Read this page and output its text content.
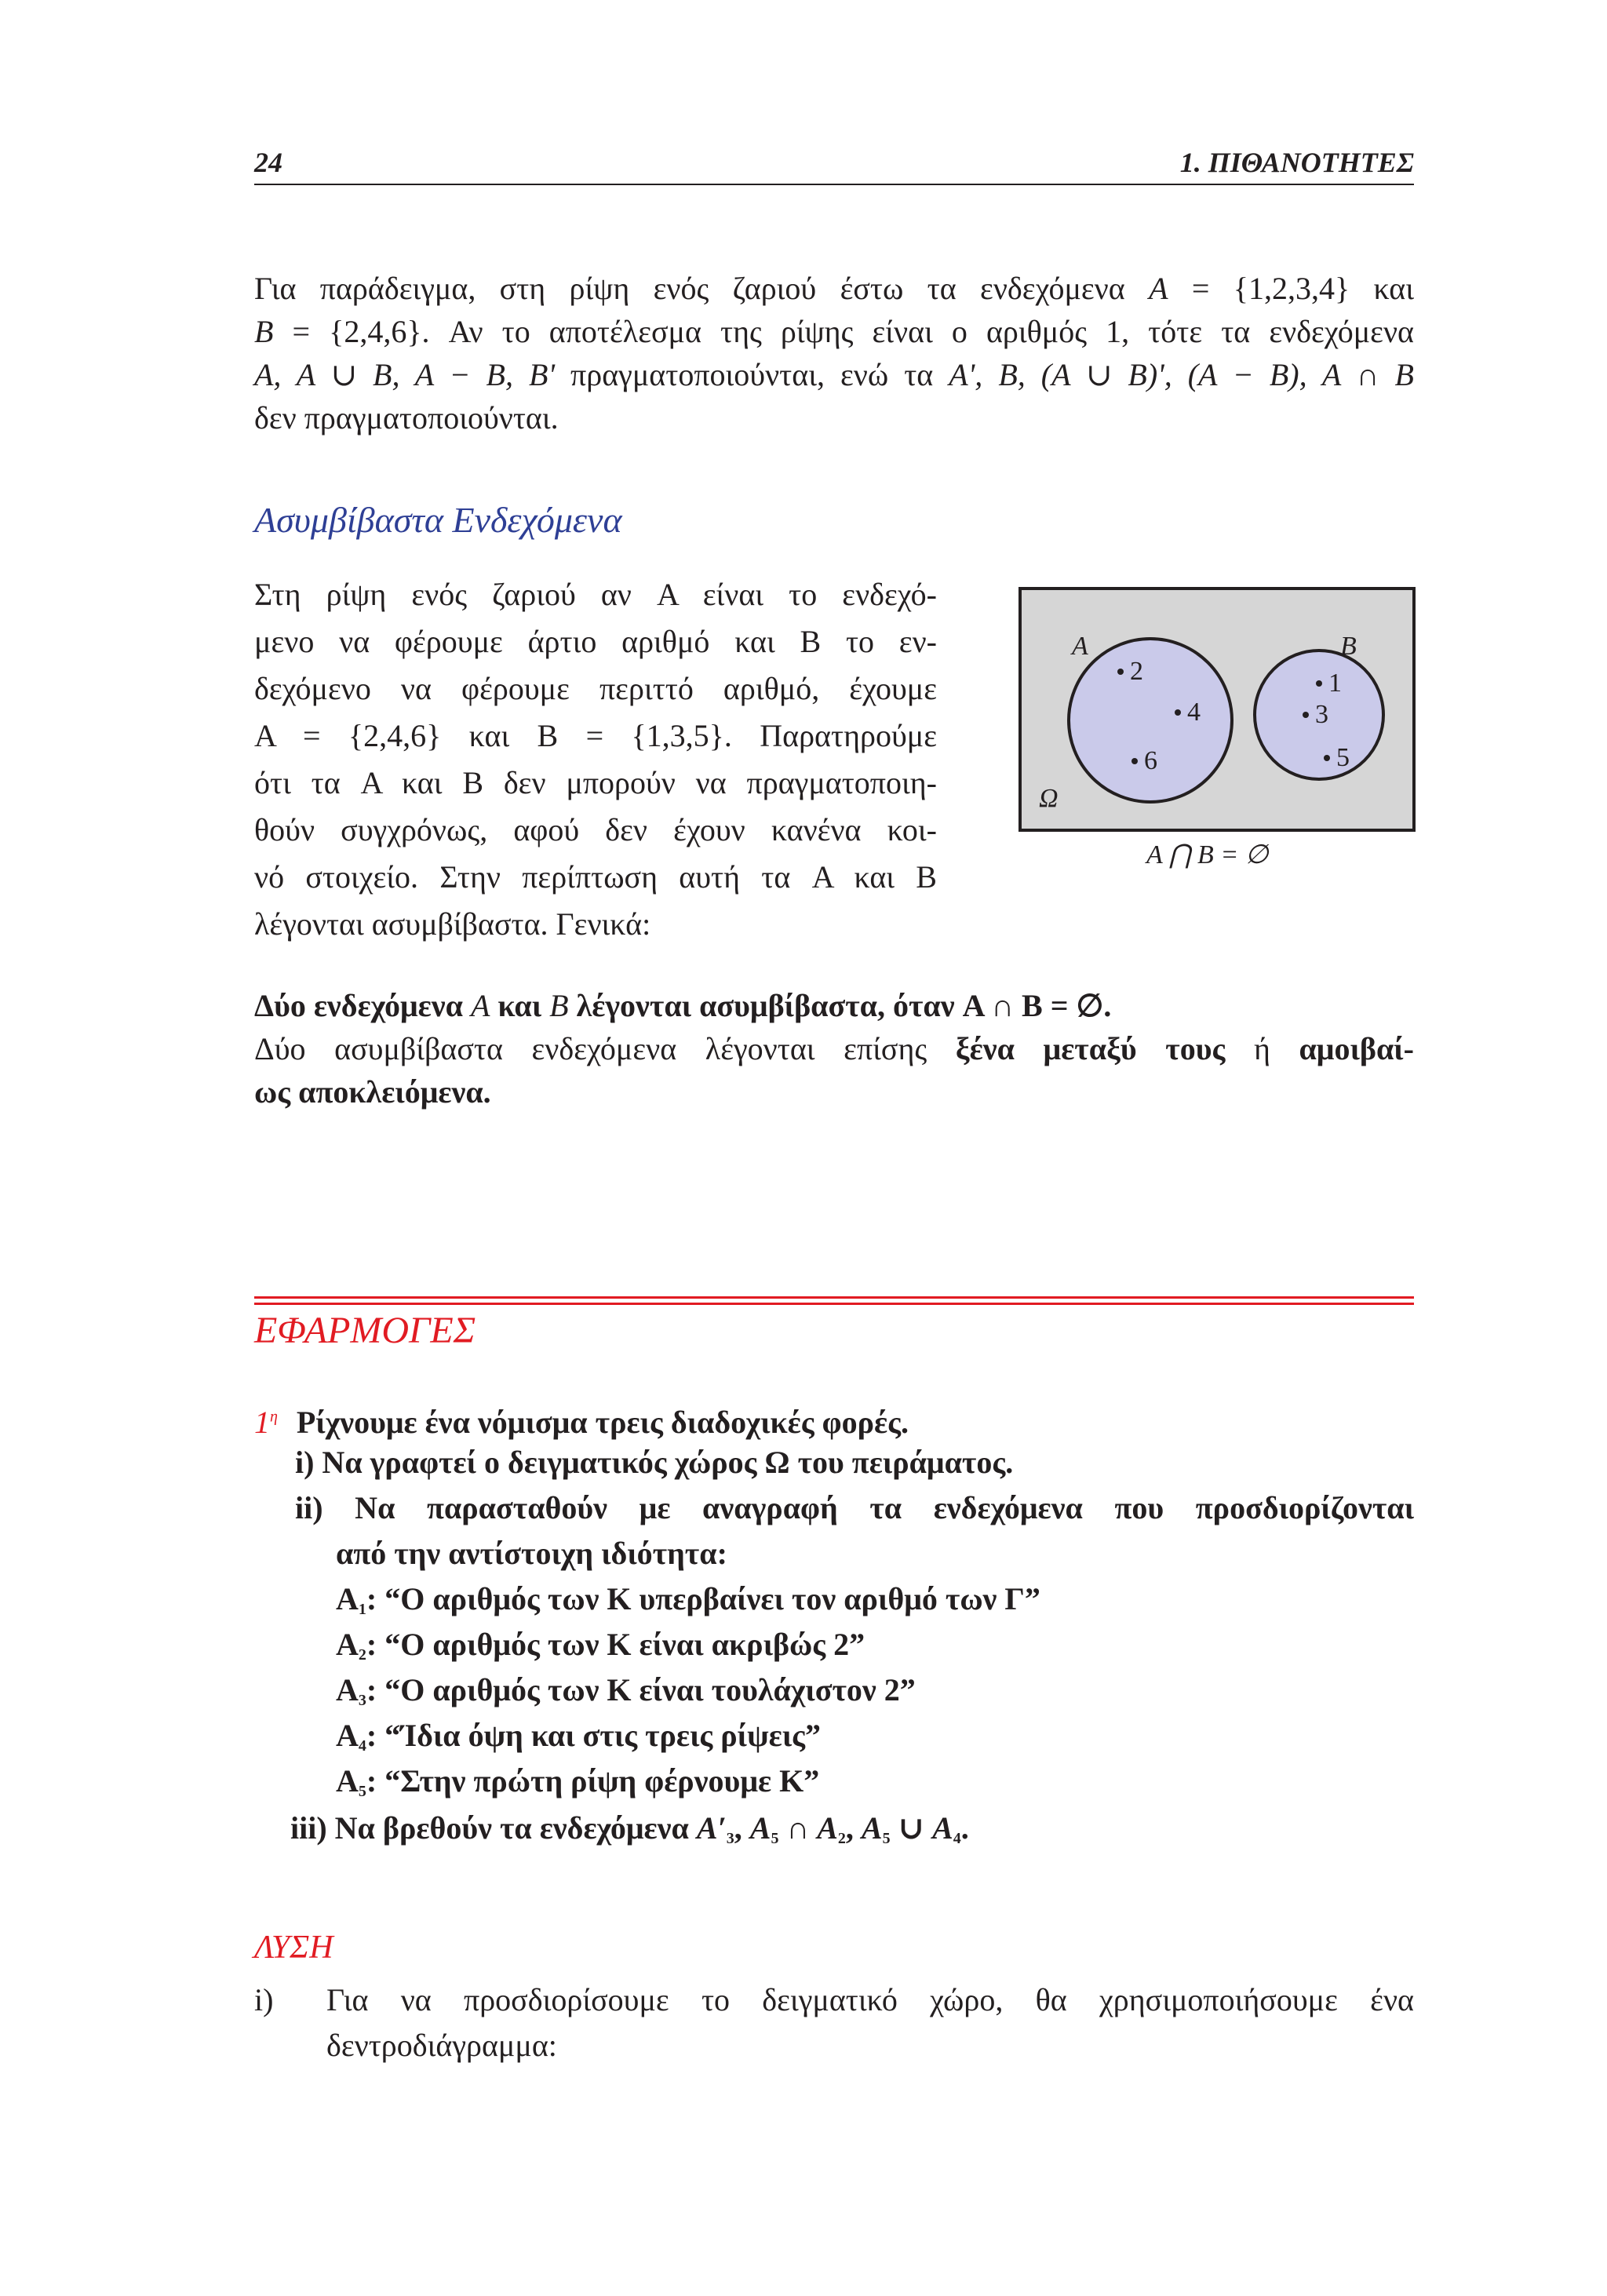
24	1. ΠΙΘΑΝΟΤΗΤΕΣ

Για παράδειγμα, στη ρίψη ενός ζαριού έστω τα ενδεχόμενα A = {1,2,3,4} και

B = {2,4,6}. Αν το αποτέλεσμα της ρίψης είναι ο αριθμός 1, τότε τα ενδεχόμενα

A, A ∪ B, A − B, B' πραγματοποιούνται, ενώ τα A', B, (A ∪ B)', (A − B), A ∩ B

δεν πραγματοποιούνται.

Ασυμβίβαστα Ενδεχόμενα

Στη ρίψη ενός ζαριού αν A είναι το ενδεχό-

μενο να φέρουμε άρτιο αριθμό και B το εν-

δεχόμενο να φέρουμε περιττό αριθμό, έχουμε

A = {2,4,6} και B = {1,3,5}. Παρατηρούμε

ότι τα A και B δεν μπορούν να πραγματοποιη-

θούν συγχρόνως, αφού δεν έχουν κανένα κοι-

νό στοιχείο. Στην περίπτωση αυτή τα A και B

λέγονται ασυμβίβαστα. Γενικά:

A	B
Ω
2
4
6
1
3
5
A ⋂ B = ∅

Δύο ενδεχόμενα A και B λέγονται ασυμβίβαστα, όταν A ∩ B = ∅.

Δύο ασυμβίβαστα ενδεχόμενα λέγονται επίσης ξένα μεταξύ τους ή αμοιβαί-

ως αποκλειόμενα.

ΕΦΑΡΜΟΓΕΣ
$1^\eta$ Ρίχνουμε ένα νόμισμα τρεις διαδοχικές φορές.
i) Να γραφτεί ο δειγματικός χώρος Ω του πειράματος.
ii) Να παρασταθούν με αναγραφή τα ενδεχόμενα που προσδιορίζονται
από την αντίστοιχη ιδιότητα:
$A_1$: “Ο αριθμός των K υπερβαίνει τον αριθμό των Γ”
$A_2$: “Ο αριθμός των K είναι ακριβώς 2”
$A_3$: “Ο αριθμός των K είναι τουλάχιστον 2”
$A_4$: “Ίδια όψη και στις τρεις ρίψεις”
$A_5$: “Στην πρώτη ρίψη φέρνουμε K”
iii) Να βρεθούν τα ενδεχόμενα $A'_3$, $A_5$ ∩ $A_2$, $A_5$ ∪ $A_4$.
ΛΥΣΗ
i) Για να προσδιορίσουμε το δειγματικό χώρο, θα χρησιμοποιήσουμε ένα
δεντροδιάγραμμα:
